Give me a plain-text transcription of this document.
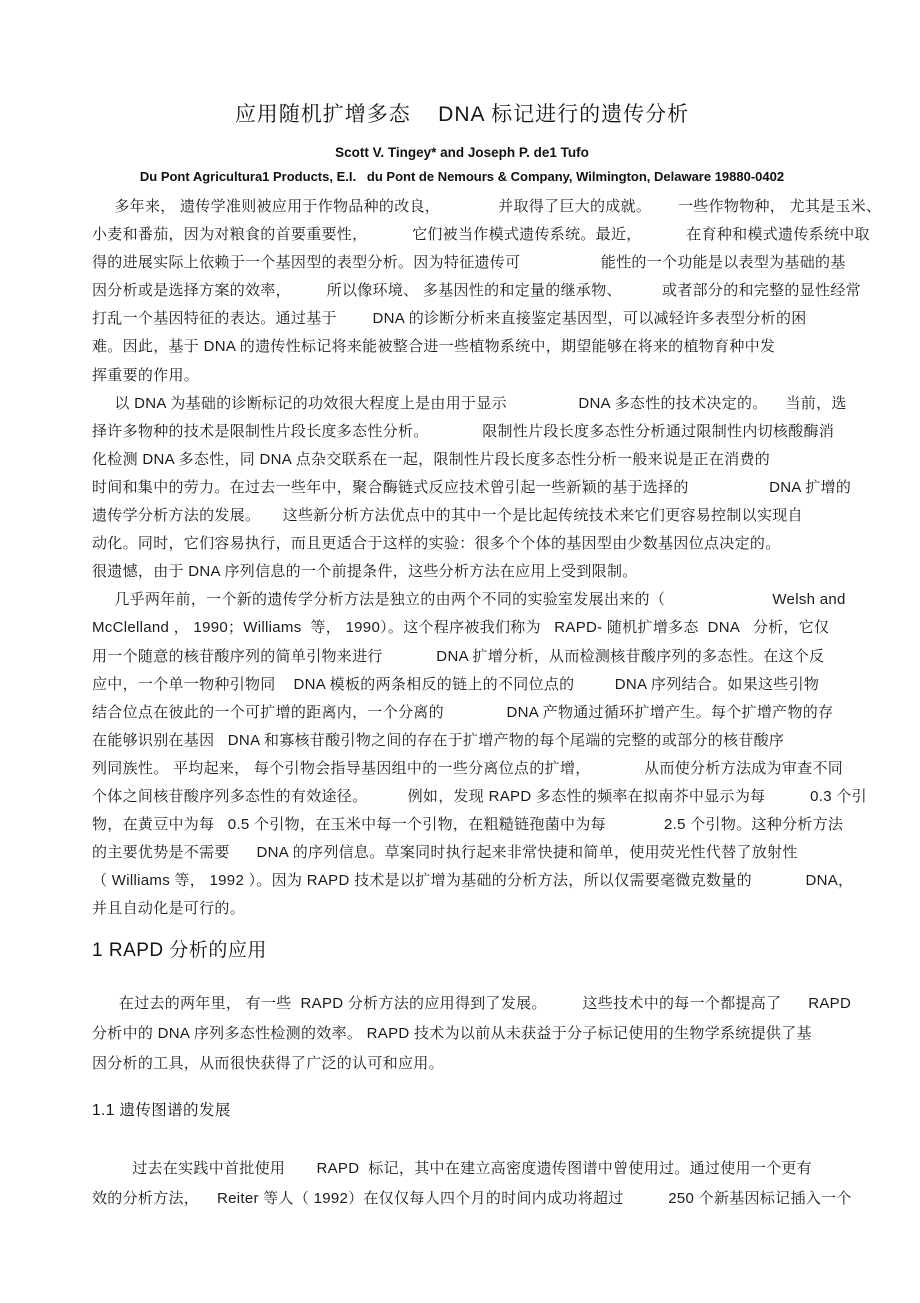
应用随机扩增多态    DNA 标记进行的遗传分析
Scott V. Tingey* and Joseph P. de1 Tufo
Du Pont Agricultura1 Products, E.I.   du Pont de Nemours & Company, Wilmington, Delaware 19880-0402
多年来， 遗传学准则被应用于作物品种的改良，             并取得了巨大的成就。      一些作物物种， 尤其是玉米、
小麦和番茄，因为对粮食的首要重要性，          它们被当作模式遗传系统。最近，          在育种和模式遗传系统中取
得的进展实际上依赖于一个基因型的表型分析。因为特征遗传可                  能性的一个功能是以表型为基础的基
因分析或是选择方案的效率，        所以像环境、 多基因性的和定量的继承物、         或者部分的和完整的显性经常
打乱一个基因特征的表达。通过基于        DNA 的诊断分析来直接鉴定基因型，可以减轻许多表型分析的困
难。因此，基于 DNA 的遗传性标记将来能被整合进一些植物系统中，期望能够在将来的植物育种中发
挥重要的作用。
以 DNA 为基础的诊断标记的功效很大程度上是由用于显示                DNA 多态性的技术决定的。    当前，选
择许多物种的技术是限制性片段长度多态性分析。            限制性片段长度多态性分析通过限制性内切核酸酶消
化检测 DNA 多态性，同 DNA 点杂交联系在一起，限制性片段长度多态性分析一般来说是正在消费的
时间和集中的劳力。在过去一些年中，聚合酶链式反应技术曾引起一些新颖的基于选择的                  DNA 扩增的
遗传学分析方法的发展。     这些新分析方法优点中的其中一个是比起传统技术来它们更容易控制以实现自
动化。同时，它们容易执行，而且更适合于这样的实验：很多个个体的基因型由少数基因位点决定的。
很遗憾，由于 DNA 序列信息的一个前提条件，这些分析方法在应用上受到限制。
几乎两年前，一个新的遗传学分析方法是独立的由两个不同的实验室发展出来的（                        Welsh and
McClelland ， 1990；Williams  等， 1990）。这个程序被我们称为   RAPD- 随机扩增多态  DNA   分析，它仅
用一个随意的核苷酸序列的简单引物来进行            DNA 扩增分析，从而检测核苷酸序列的多态性。在这个反
应中，一个单一物种引物同    DNA 模板的两条相反的链上的不同位点的         DNA 序列结合。如果这些引物
结合位点在彼此的一个可扩增的距离内，一个分离的              DNA 产物通过循环扩增产生。每个扩增产物的存
在能够识别在基因   DNA 和寡核苷酸引物之间的存在于扩增产物的每个尾端的完整的或部分的核苷酸序
列同族性。 平均起来， 每个引物会指导基因组中的一些分离位点的扩增，            从而使分析方法成为审查不同
个体之间核苷酸序列多态性的有效途径。         例如，发现 RAPD 多态性的频率在拟南芥中显示为每          0.3 个引
物，在黄豆中为每   0.5 个引物，在玉米中每一个引物，在粗糙链孢菌中为每             2.5 个引物。这种分析方法
的主要优势是不需要      DNA 的序列信息。草案同时执行起来非常快捷和简单，使用荧光性代替了放射性
（ Williams 等， 1992 ）。因为 RAPD 技术是以扩增为基础的分析方法，所以仅需要毫微克数量的            DNA，
并且自动化是可行的。
1 RAPD 分析的应用
在过去的两年里， 有一些  RAPD 分析方法的应用得到了发展。        这些技术中的每一个都提高了      RAPD
分析中的 DNA 序列多态性检测的效率。 RAPD 技术为以前从未获益于分子标记使用的生物学系统提供了基
因分析的工具，从而很快获得了广泛的认可和应用。
1.1 遗传图谱的发展
过去在实践中首批使用       RAPD  标记，其中在建立高密度遗传图谱中曾使用过。通过使用一个更有
效的分析方法，    Reiter 等人（ 1992）在仅仅每人四个月的时间内成功将超过          250 个新基因标记插入一个
